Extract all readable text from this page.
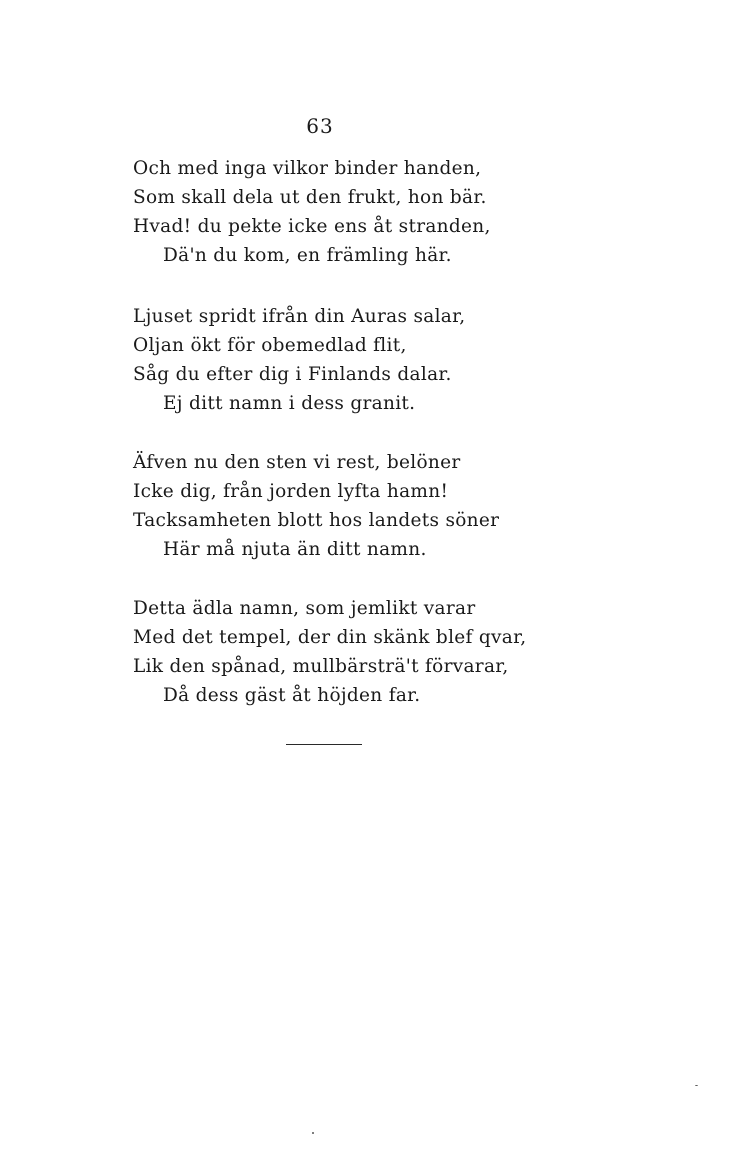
63
Och med inga vilkor binder handen,
Som skall dela ut den frukt, hon bär.
Hvad! du pekte icke ens åt stranden,
Dä'n du kom, en främling här.
Ljuset spridt ifrån din Auras salar,
Oljan ökt för obemedlad flit,
Såg du efter dig i Finlands dalar.
Ej ditt namn i dess granit.
Äfven nu den sten vi rest, belöner
Icke dig, från jorden lyfta hamn!
Tacksamheten blott hos landets söner
Här må njuta än ditt namn.
Detta ädla namn, som jemlikt varar
Med det tempel, der din skänk blef qvar,
Lik den spånad, mullbärsträ't förvarar,
Då dess gäst åt höjden far.
